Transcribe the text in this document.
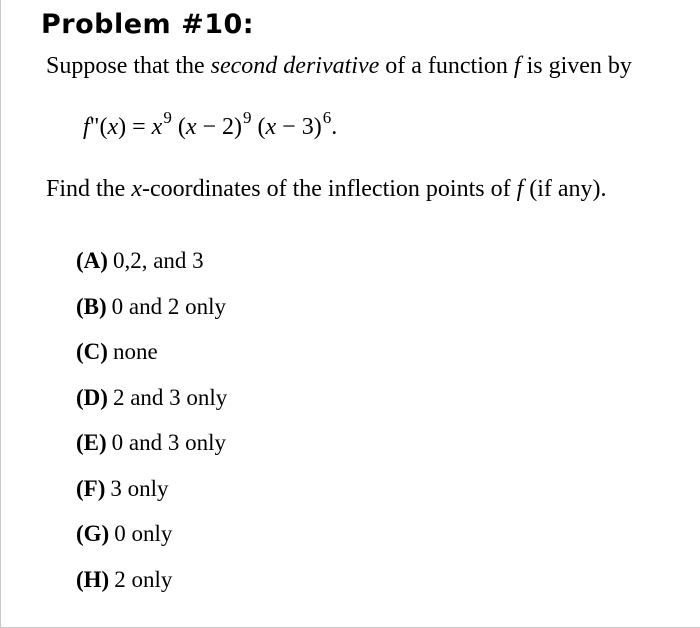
Problem #10:
Suppose that the second derivative of a function f is given by
f"(x) = $x^9$ $(x - 2)^9$ $(x - 3)^6$.
Find the x-coordinates of the inflection points of f (if any).
(A) 0,2, and 3
(B) 0 and 2 only
(C) none
(D) 2 and 3 only
(E) 0 and 3 only
(F) 3 only
(G) 0 only
(H) 2 only
